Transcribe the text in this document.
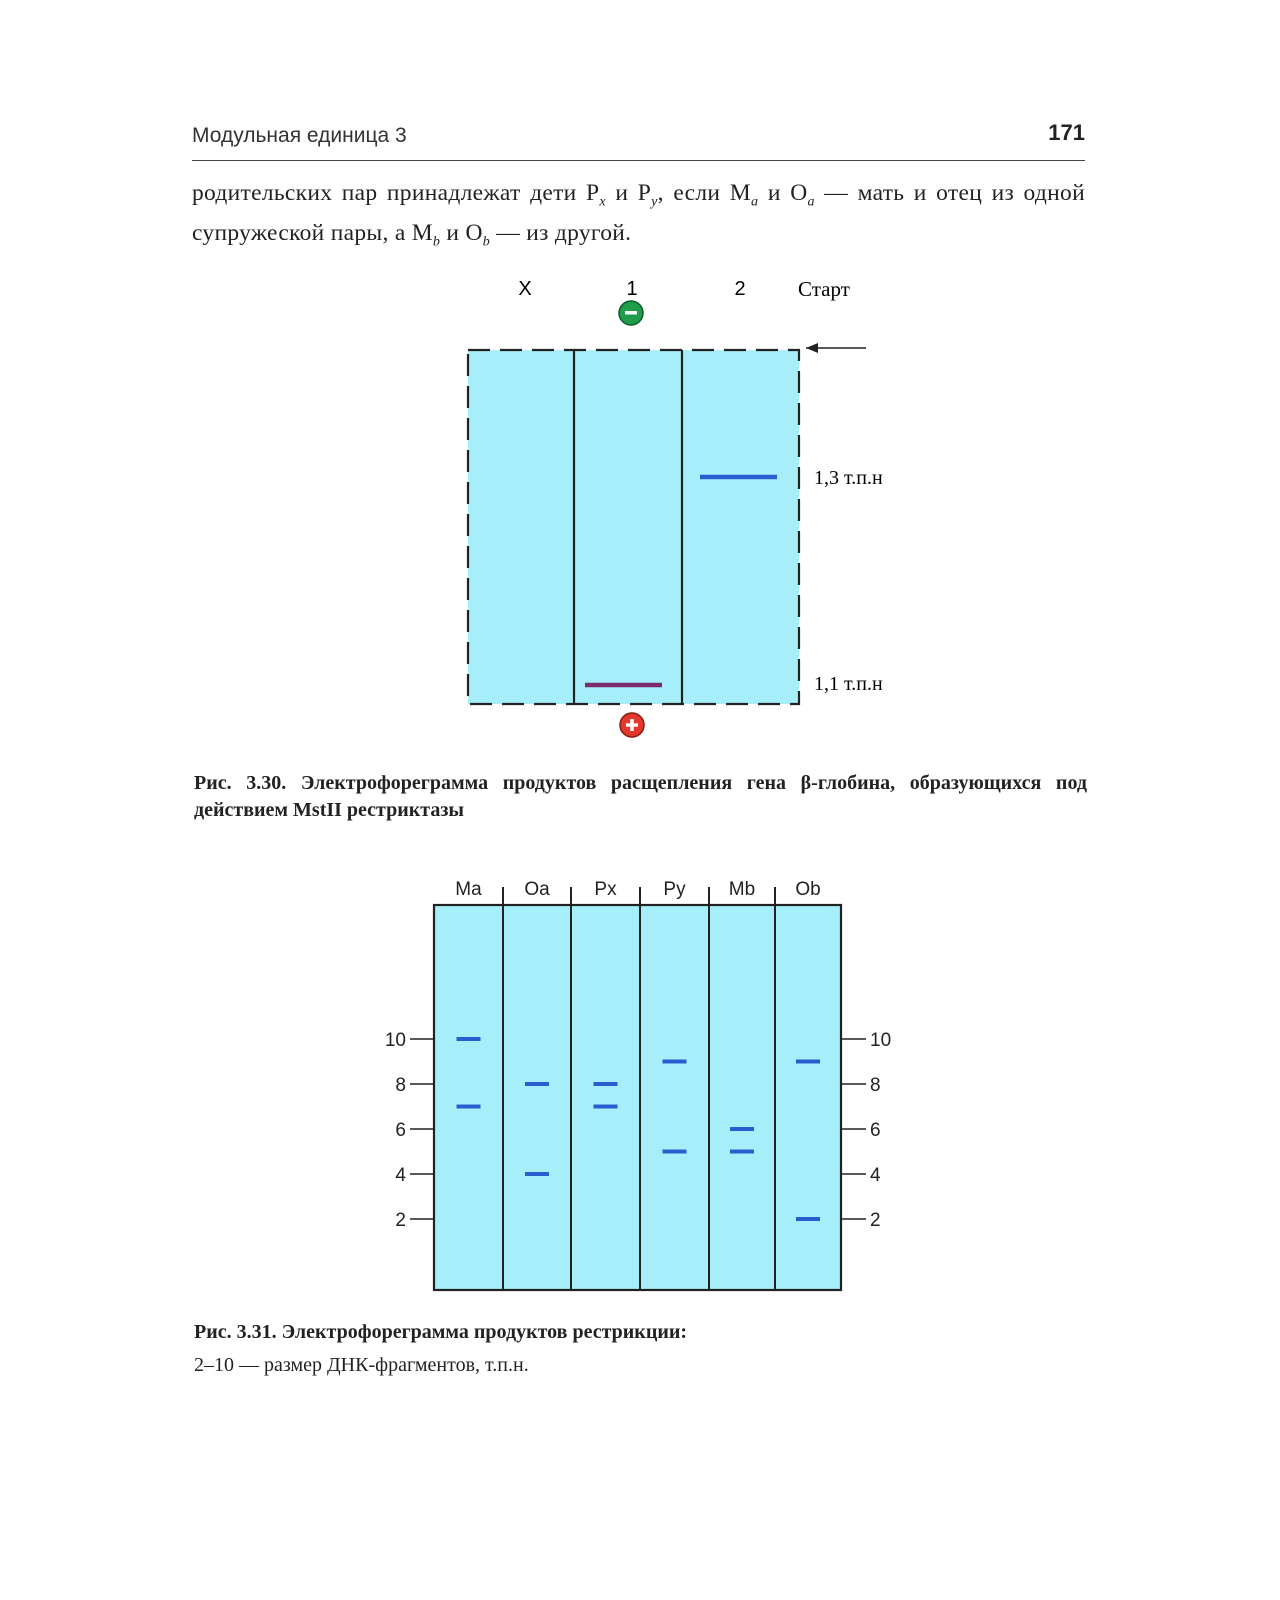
Модульная единица 3	171
родительских пар принадлежат дети $P_x$ и $P_y$, если $M_a$ и $O_a$ — мать и отец из одной супружеской пары, а $M_b$ и $O_b$ — из другой.
X	1	2 Старт
1,3 т.п.н
1,1 т.п.н
Рис. 3.30. Электрофореграмма продуктов расщепления гена β-глобина, образующихся под действием MstII рестриктазы
Ma Oa Px Py Mb Ob
10	10
8	8
6	6
4	4
2	2
Рис. 3.31. Электрофореграмма продуктов рестрикции:
2–10 — размер ДНК-фрагментов, т.п.н.
